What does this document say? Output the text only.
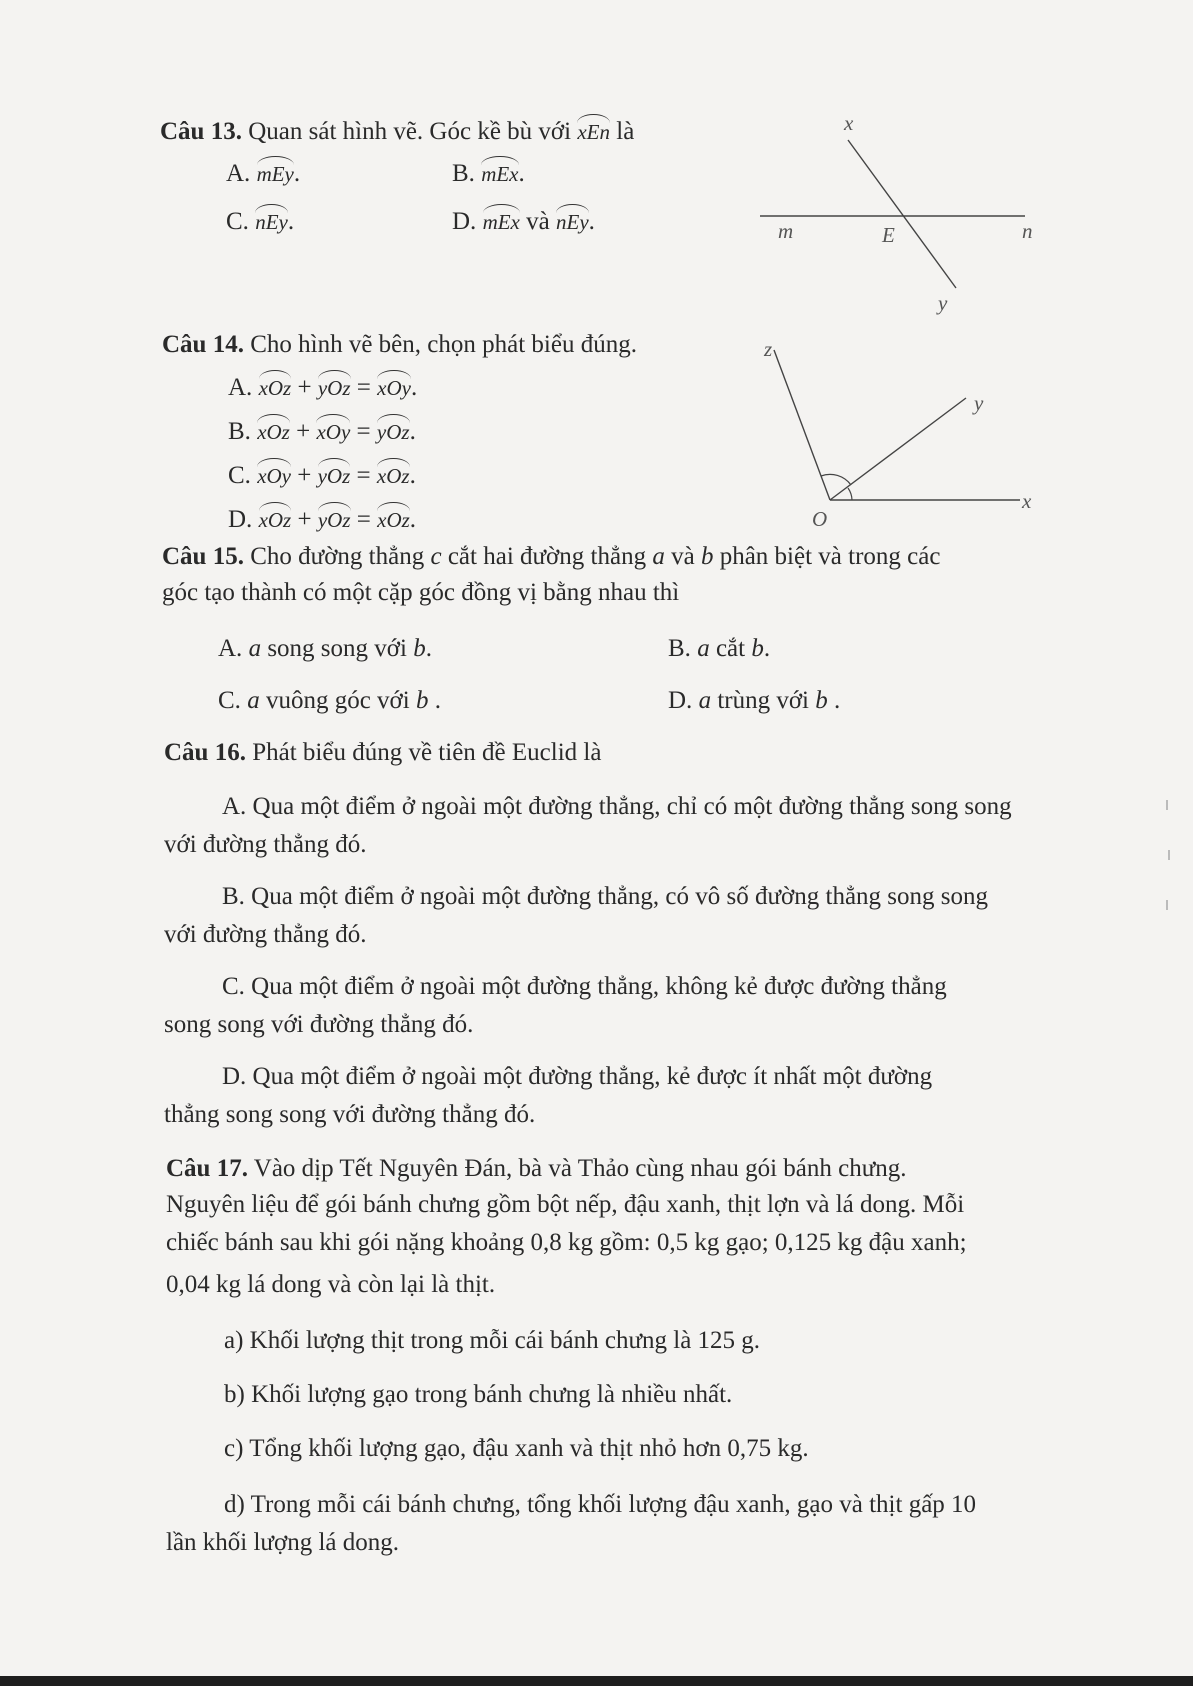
Câu 13. Quan sát hình vẽ. Góc kề bù với xEn là
A. mEy.	B. mEx.
C. nEy.	D. mEx và nEy.
x
m	E	n
y
Câu 14. Cho hình vẽ bên, chọn phát biểu đúng.
A. xOz + yOz = xOy.
B. xOz + xOy = yOz.
C. xOy + yOz = xOz.
D. xOz + yOz = xOz.
z
y
O
x
Câu 15. Cho đường thẳng c cắt hai đường thẳng a và b phân biệt và trong các
góc tạo thành có một cặp góc đồng vị bằng nhau thì
A. a song song với b.	B. a cắt b.
C. a vuông góc với b .	D. a trùng với b .
Câu 16. Phát biểu đúng về tiên đề Euclid là
A. Qua một điểm ở ngoài một đường thẳng, chỉ có một đường thẳng song song
với đường thẳng đó.
B. Qua một điểm ở ngoài một đường thẳng, có vô số đường thẳng song song
với đường thẳng đó.
C. Qua một điểm ở ngoài một đường thẳng, không kẻ được đường thẳng
song song với đường thẳng đó.
D. Qua một điểm ở ngoài một đường thẳng, kẻ được ít nhất một đường
thẳng song song với đường thẳng đó.
Câu 17. Vào dịp Tết Nguyên Đán, bà và Thảo cùng nhau gói bánh chưng.
Nguyên liệu để gói bánh chưng gồm bột nếp, đậu xanh, thịt lợn và lá dong. Mỗi
chiếc bánh sau khi gói nặng khoảng 0,8 kg gồm: 0,5 kg gạo; 0,125 kg đậu xanh;
0,04 kg lá dong và còn lại là thịt.
a) Khối lượng thịt trong mỗi cái bánh chưng là 125 g.
b) Khối lượng gạo trong bánh chưng là nhiều nhất.
c) Tổng khối lượng gạo, đậu xanh và thịt nhỏ hơn 0,75 kg.
d) Trong mỗi cái bánh chưng, tổng khối lượng đậu xanh, gạo và thịt gấp 10
lần khối lượng lá dong.
